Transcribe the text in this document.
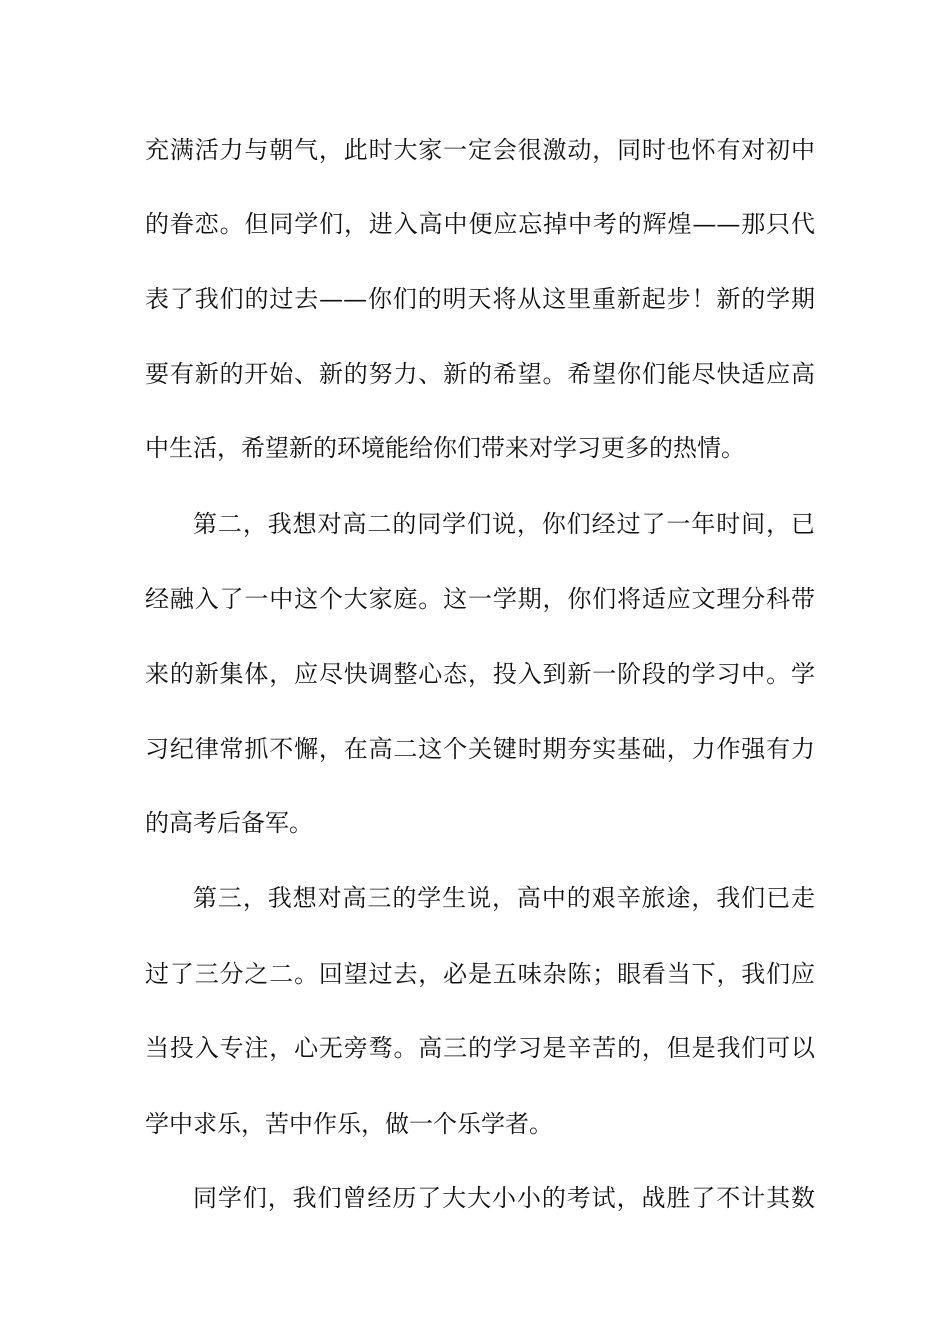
充满活力与朝气，此时大家一定会很激动，同时也怀有对初中
的眷恋。但同学们，进入高中便应忘掉中考的辉煌——那只代
表了我们的过去——你们的明天将从这里重新起步！新的学期
要有新的开始、新的努力、新的希望。希望你们能尽快适应高
中生活，希望新的环境能给你们带来对学习更多的热情。
第二，我想对高二的同学们说，你们经过了一年时间，已
经融入了一中这个大家庭。这一学期，你们将适应文理分科带
来的新集体，应尽快调整心态，投入到新一阶段的学习中。学
习纪律常抓不懈，在高二这个关键时期夯实基础，力作强有力
的高考后备军。
第三，我想对高三的学生说，高中的艰辛旅途，我们已走
过了三分之二。回望过去，必是五味杂陈；眼看当下，我们应
当投入专注，心无旁骛。高三的学习是辛苦的，但是我们可以
学中求乐，苦中作乐，做一个乐学者。
同学们，我们曾经历了大大小小的考试，战胜了不计其数
